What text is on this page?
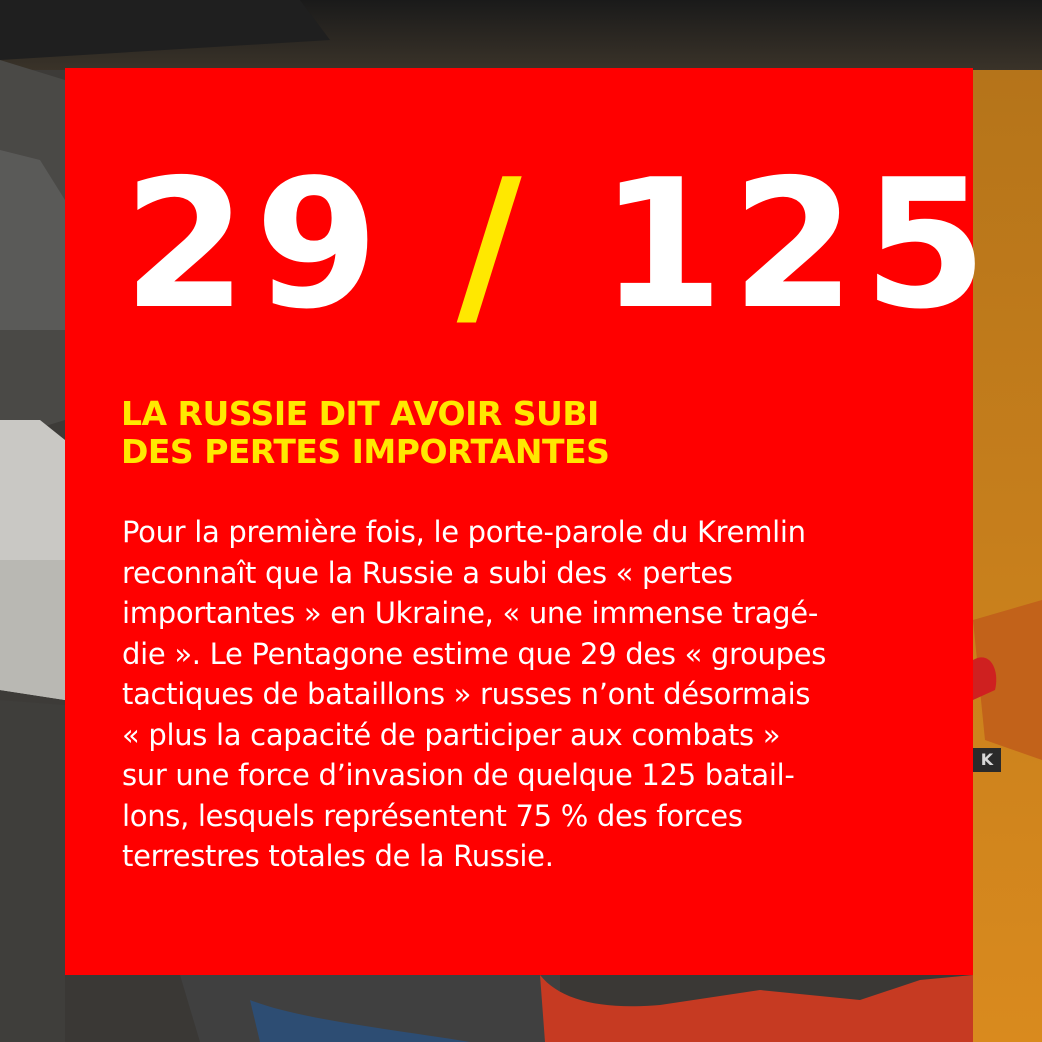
K
29 / 125
LA RUSSIE DIT AVOIR SUBI
DES PERTES IMPORTANTES
Pour la première fois, le porte-parole du Kremlin
reconnaît que la Russie a subi des « pertes
importantes » en Ukraine, « une immense tragé-
die ». Le Pentagone estime que 29 des « groupes
tactiques de bataillons » russes n’ont désormais
« plus la capacité de participer aux combats »
sur une force d’invasion de quelque 125 batail-
lons, lesquels représentent 75 % des forces
terrestres totales de la Russie.
